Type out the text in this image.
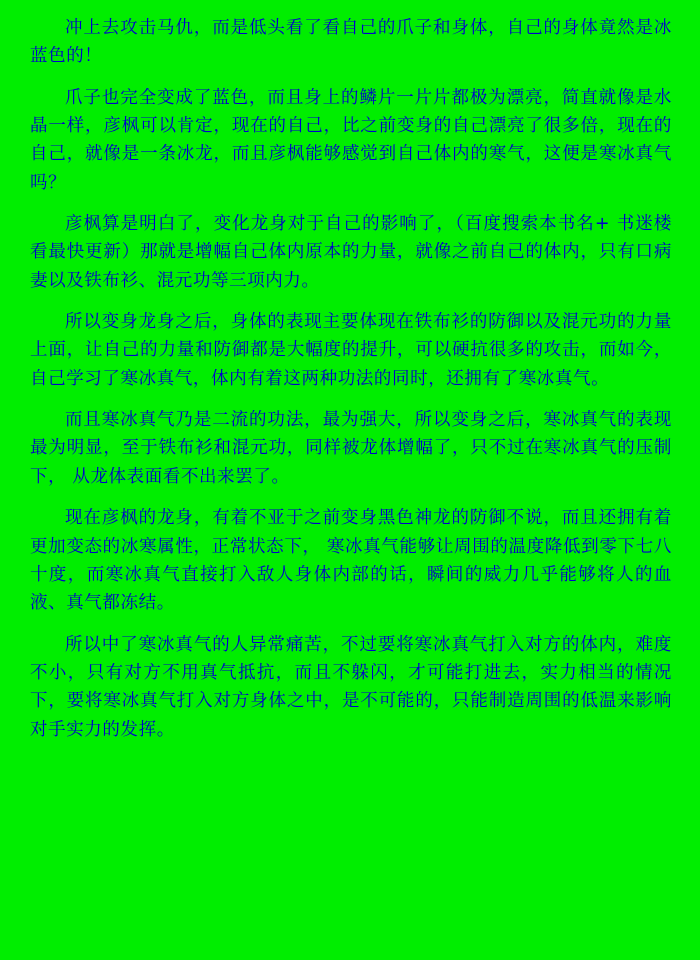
冲上去攻击马仇，而是低头看了看自己的爪子和身体，自己的身体竟然是冰蓝色的！

爪子也完全变成了蓝色，而且身上的鳞片一片片都极为漂亮，简直就像是水晶一样，彦枫可以肯定，现在的自己，比之前变身的自己漂亮了很多倍，现在的自己，就像是一条冰龙，而且彦枫能够感觉到自己体内的寒气，这便是寒冰真气吗？

彦枫算是明白了，变化龙身对于自己的影响了，（百度搜索本书名+ 书迷楼 看最快更新）那就是增幅自己体内原本的力量，就像之前自己的体内，只有口病妻以及铁布衫、混元功等三项内力。

所以变身龙身之后，身体的表现主要体现在铁布衫的防御以及混元功的力量上面，让自己的力量和防御都是大幅度的提升，可以硬抗很多的攻击，而如今，自己学习了寒冰真气，体内有着这两种功法的同时，还拥有了寒冰真气。

而且寒冰真气乃是二流的功法，最为强大，所以变身之后，寒冰真气的表现最为明显，至于铁布衫和混元功，同样被龙体增幅了，只不过在寒冰真气的压制下， 从龙体表面看不出来罢了。

现在彦枫的龙身，有着不亚于之前变身黑色神龙的防御不说，而且还拥有着更加变态的冰寒属性，正常状态下， 寒冰真气能够让周围的温度降低到零下七八十度，而寒冰真气直接打入敌人身体内部的话，瞬间的威力几乎能够将人的血液、真气都冻结。

所以中了寒冰真气的人异常痛苦，不过要将寒冰真气打入对方的体内，难度不小，只有对方不用真气抵抗，而且不躲闪，才可能打进去，实力相当的情况下，要将寒冰真气打入对方身体之中，是不可能的，只能制造周围的低温来影响对手实力的发挥。
